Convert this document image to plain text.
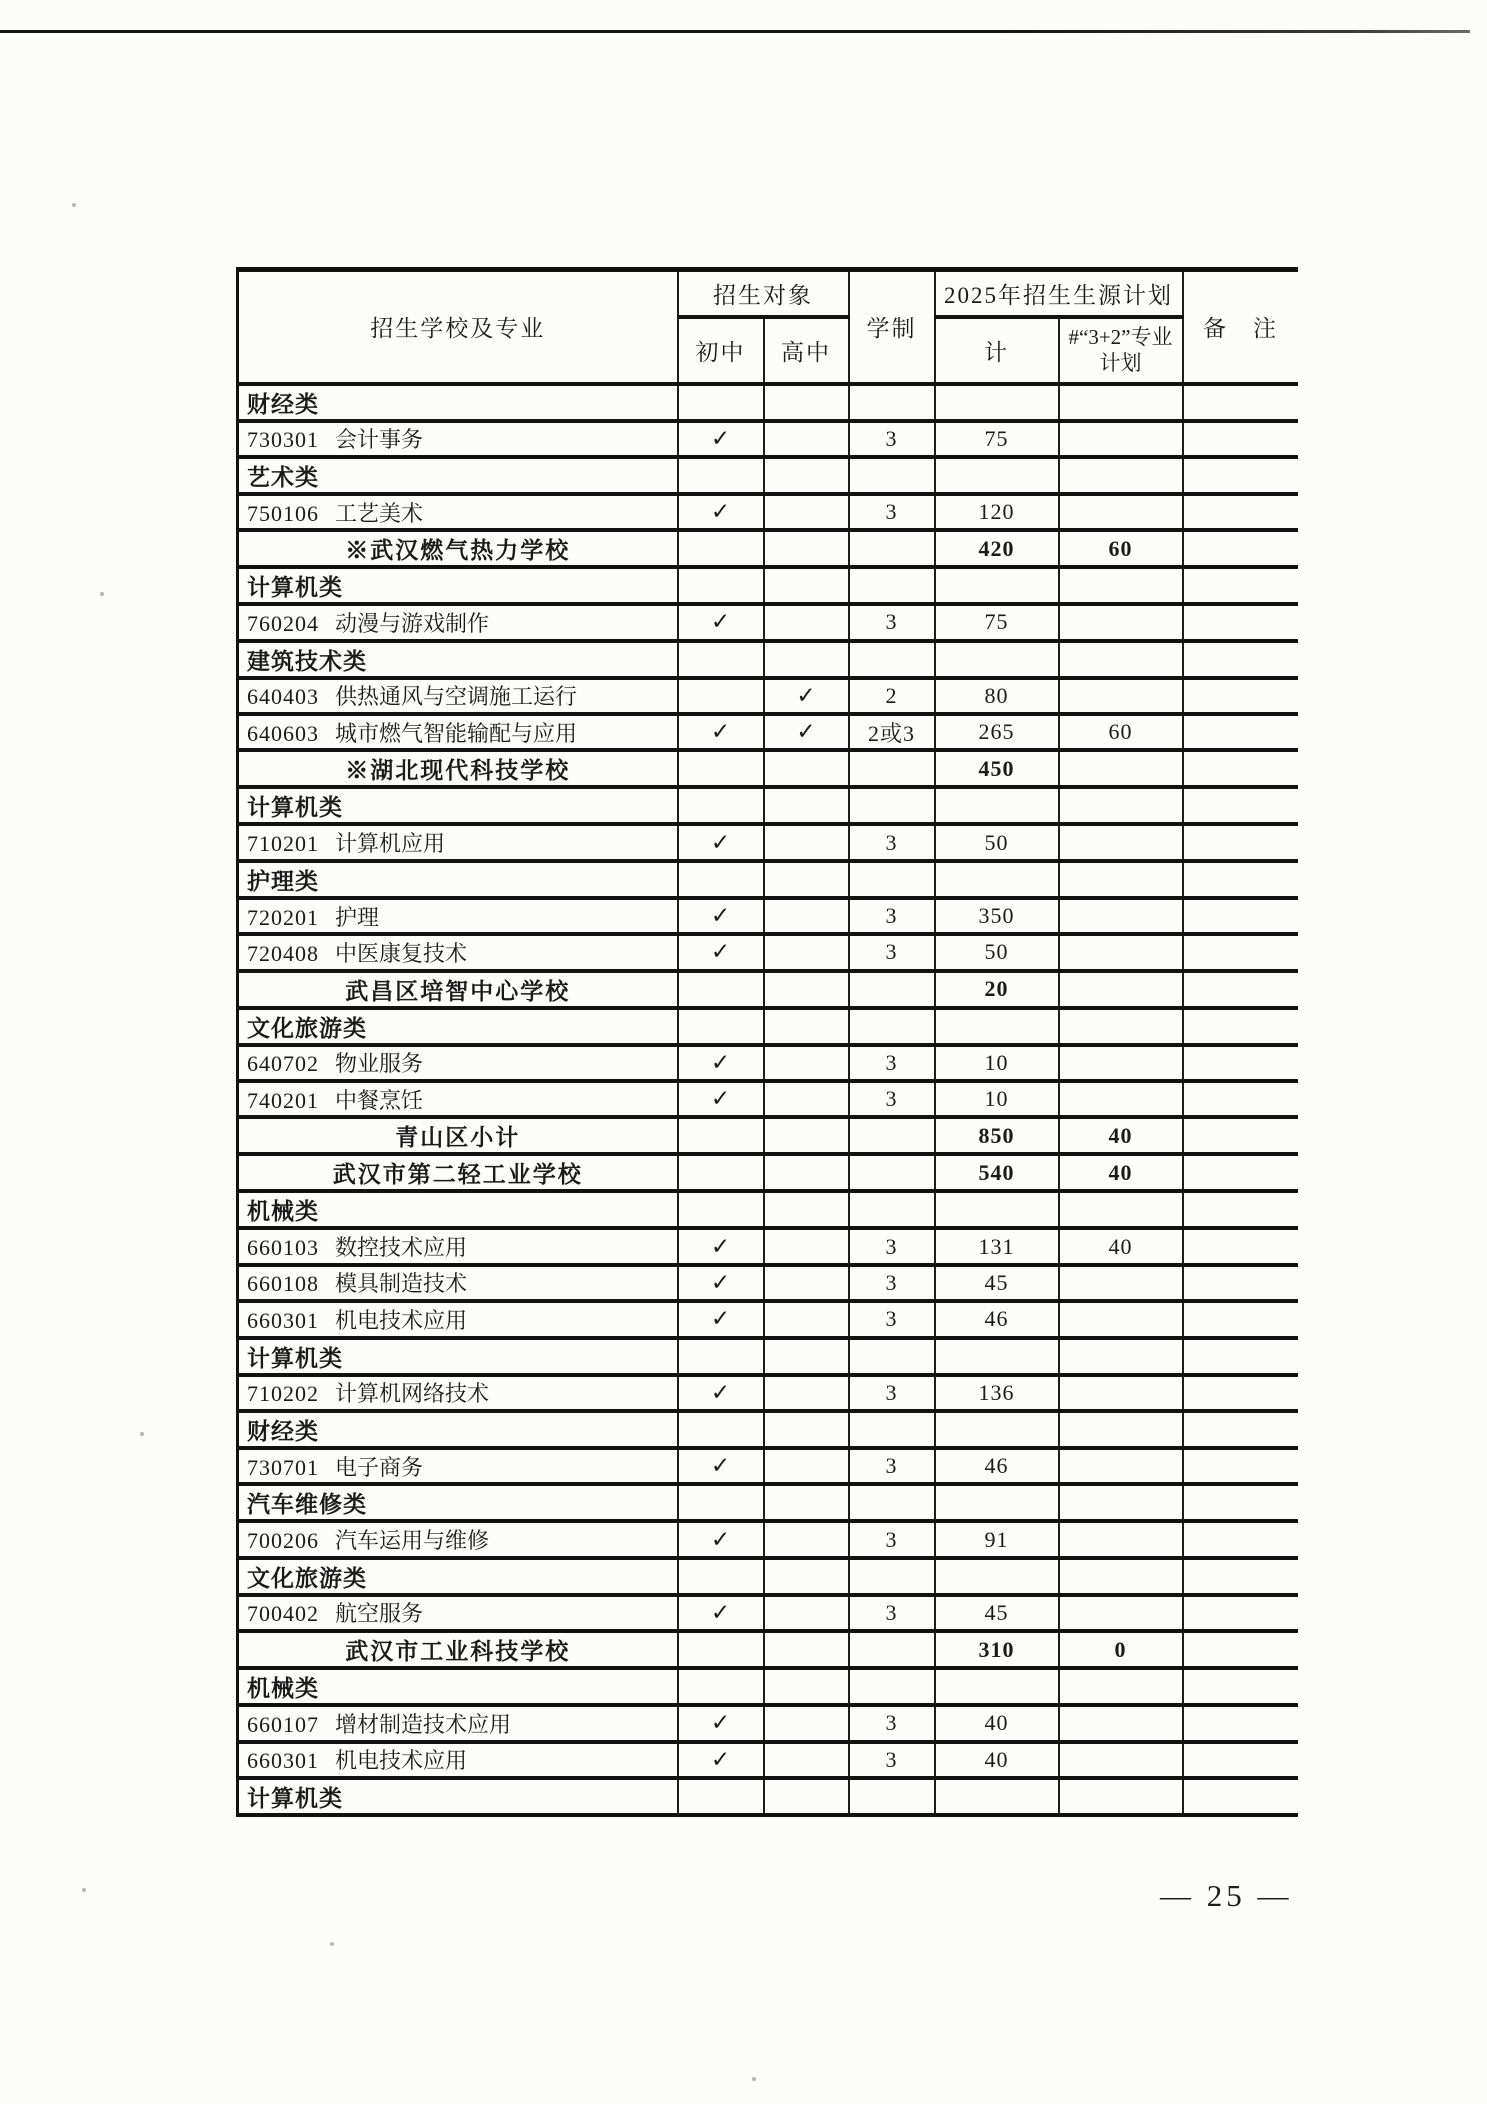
招生学校及专业	招生对象		学制	2025年招生生源计划		备　注
	初中	高中		计	#“3+2”专业
计划	

财经类						
730301 会计事务	✓		3	75		
艺术类						
750106 工艺美术	✓		3	120		
※武汉燃气热力学校				420	60	
计算机类						
760204 动漫与游戏制作	✓		3	75		
建筑技术类						
640403 供热通风与空调施工运行		✓	2	80		
640603 城市燃气智能输配与应用	✓	✓	2或3	265	60	
※湖北现代科技学校				450		
计算机类						
710201 计算机应用	✓		3	50		
护理类						
720201 护理	✓		3	350		
720408 中医康复技术	✓		3	50		
武昌区培智中心学校				20		
文化旅游类						
640702 物业服务	✓		3	10		
740201 中餐烹饪	✓		3	10		
青山区小计				850	40	
武汉市第二轻工业学校				540	40	
机械类						
660103 数控技术应用	✓		3	131	40	
660108 模具制造技术	✓		3	45		
660301 机电技术应用	✓		3	46		
计算机类						
710202 计算机网络技术	✓		3	136		
财经类						
730701 电子商务	✓		3	46		
汽车维修类						
700206 汽车运用与维修	✓		3	91		
文化旅游类						
700402 航空服务	✓		3	45		
武汉市工业科技学校				310	0	
机械类						
660107 增材制造技术应用	✓		3	40		
660301 机电技术应用	✓		3	40		
计算机类						
— 25 —
